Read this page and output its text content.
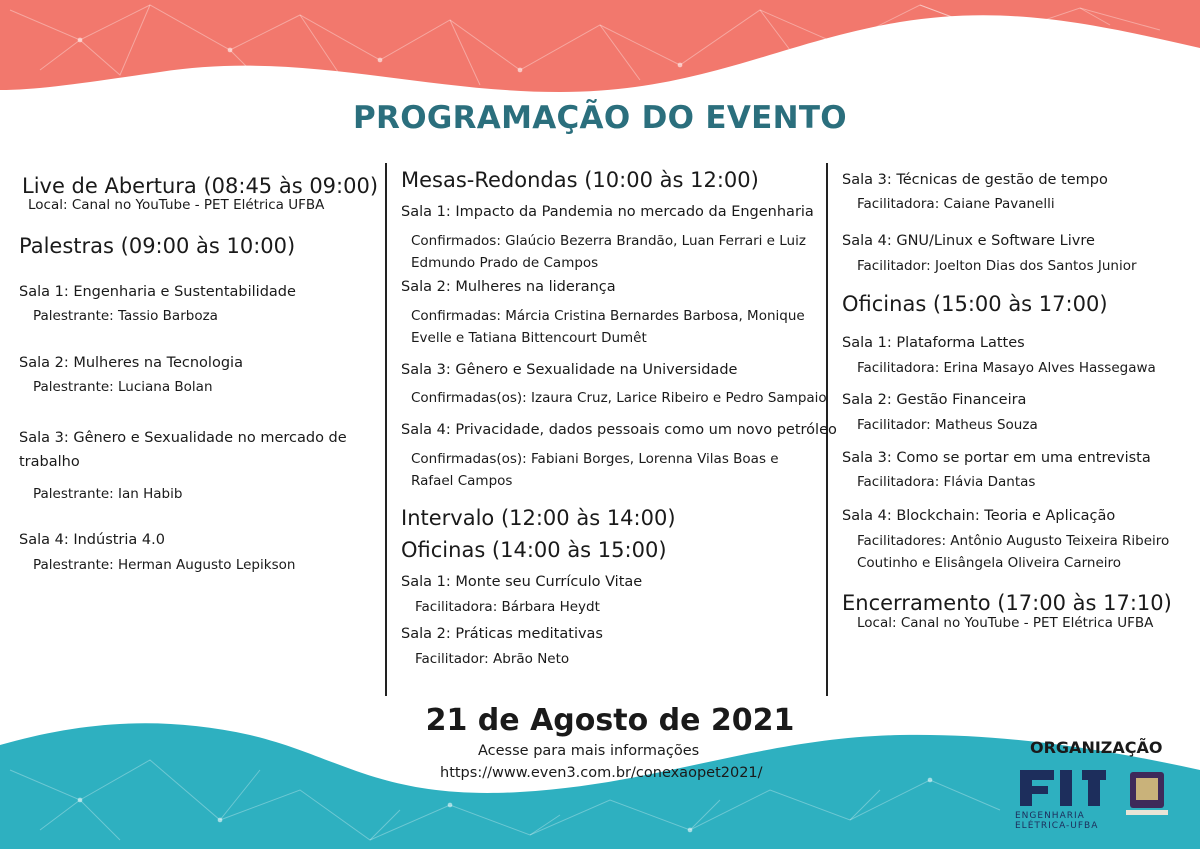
PROGRAMAÇÃO DO EVENTO
Live de Abertura (08:45 às 09:00)
Local: Canal no YouTube - PET Elétrica UFBA
Palestras (09:00 às 10:00)
Sala 1: Engenharia e Sustentabilidade
Palestrante: Tassio Barboza
Sala 2: Mulheres na Tecnologia
Palestrante: Luciana Bolan
Sala 3: Gênero e Sexualidade no mercado de trabalho
Palestrante: Ian Habib
Sala 4: Indústria 4.0
Palestrante: Herman Augusto Lepikson
Mesas-Redondas (10:00 às 12:00)
Sala 1: Impacto da Pandemia no mercado da Engenharia
Confirmados: Glaúcio Bezerra Brandão, Luan Ferrari e Luiz Edmundo Prado de Campos
Sala 2: Mulheres na liderança
Confirmadas: Márcia Cristina Bernardes Barbosa, Monique Evelle e Tatiana Bittencourt Dumêt
Sala 3: Gênero e Sexualidade na Universidade
Confirmadas(os): Izaura Cruz, Larice Ribeiro e Pedro Sampaio
Sala 4: Privacidade, dados pessoais como um novo petróleo
Confirmadas(os): Fabiani Borges, Lorenna Vilas Boas e Rafael Campos
Intervalo (12:00 às 14:00)
Oficinas (14:00 às 15:00)
Sala 1: Monte seu Currículo Vitae
Facilitadora: Bárbara Heydt
Sala 2: Práticas meditativas
Facilitador: Abrão Neto
Sala 3: Técnicas de gestão de tempo
Facilitadora: Caiane Pavanelli
Sala 4: GNU/Linux e Software Livre
Facilitador: Joelton Dias dos Santos Junior
Oficinas (15:00 às 17:00)
Sala 1: Plataforma Lattes
Facilitadora: Erina Masayo Alves Hassegawa
Sala 2: Gestão Financeira
Facilitador: Matheus Souza
Sala 3: Como se portar em uma entrevista
Facilitadora: Flávia Dantas
Sala 4: Blockchain: Teoria e Aplicação
Facilitadores: Antônio Augusto Teixeira Ribeiro Coutinho e Elisângela Oliveira Carneiro
Encerramento (17:00 às 17:10)
Local: Canal no YouTube - PET Elétrica UFBA
21 de Agosto de 2021
Acesse para mais informações
https://www.even3.com.br/conexaopet2021/
ORGANIZAÇÃO
ENGENHARIA
ELÉTRICA-UFBA
